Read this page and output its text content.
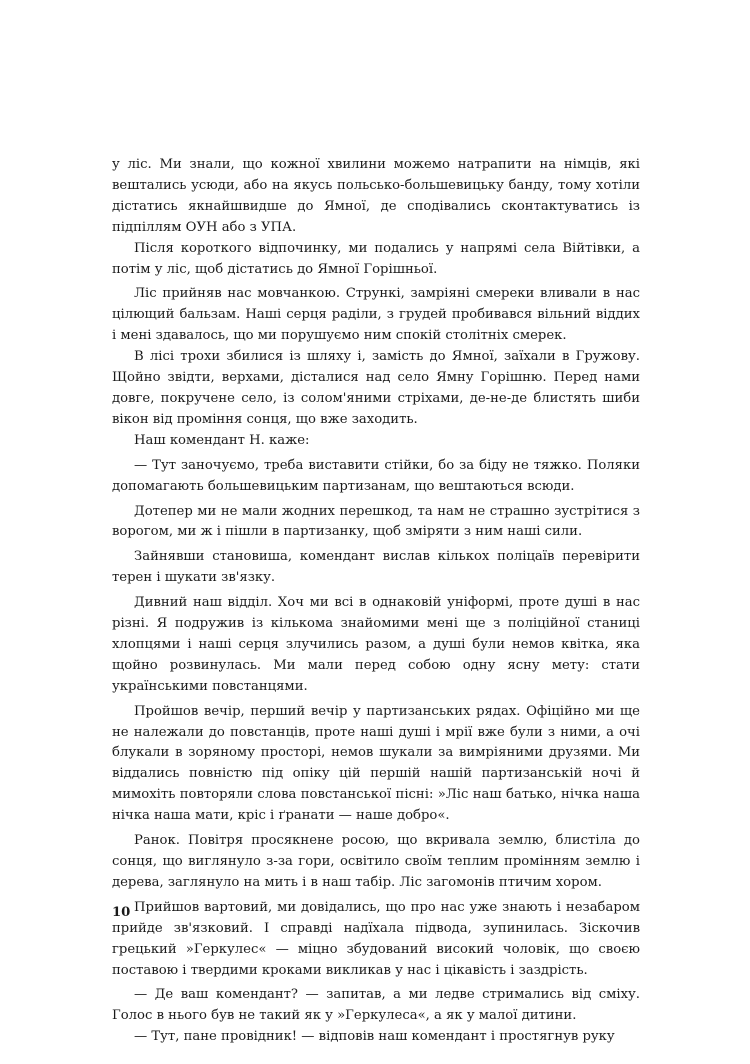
у ліс. Ми знали, що кожної хвилини можемо натрапити на німців, які вешталиcь усюди, або на якусь польсько-большевицьку банду, тому хотіли дістатись якнайшвидше до Ямної, де сподівались сконтактуватись із підпіллям ОУН або з УПА.

Після короткого відпочинку, ми подались у напрямі села Війтівки, а потім у ліс, щоб дістатись до Ямної Горішньої.

Ліс прийняв нас мовчанкою. Стрункі, замріяні смереки вливали в нас цілющий бальзам. Наші серця раділи, з грудей пробивався вільний віддих і мені здавалось, що ми порушуємо ним спокій столітніх смерек.

В лісі трохи збилися із шляху і, замість до Ямної, заїхали в Гружову. Щойно звідти, верхами, дісталися над село Ямну Горішню. Перед нами довге, покручене село, із солом'яними стріхами, де-не-де блистять шиби вікон від проміння сонця, що вже заходить.

Наш комендант Н. каже:

— Тут заночуємо, треба виставити стійки, бо за біду не тяжко. Поляки допомагають большевицьким партизанам, що вештаються всюди.

Дотепер ми не мали жодних перешкод, та нам не страшно зустрітися з ворогом, ми ж і пішли в партизанку, щоб зміряти з ним наші сили.

Зайнявши становиша, комендант вислав кількох поліцаїв перевірити терен і шукати зв'язку.

Дивний наш відділ. Хоч ми всі в однаковій уніформі, проте душі в нас різні. Я подружив із кількома знайомими мені ще з поліційної станиці хлопцями і наші серця злучились разом, а душі були немов квітка, яка щойно розвинулась. Ми мали перед собою одну ясну мету: стати українськими повстанцями.

Пройшов вечір, перший вечір у партизанських рядах. Офіційно ми ще не належали до повстанців, проте наші душі і мрії вже були з ними, а очі блукали в зоряному просторі, немов шукали за вимріяними друзями. Ми віддались повністю під опіку цій першій нашій партизанській ночі й мимохіть повторяли слова повстанської пісні: »Ліс наш батько, нічка наша нічка наша мати, кріс і ґранати — наше добро«.

Ранок. Повітря просякнене росою, що вкривала землю, блистіла до сонця, що виглянуло з-за гори, освітило своїм теплим промінням землю і дерева, заглянуло на мить і в наш табір. Ліс загомонів птичим хором.

Прийшов вартовий, ми довідались, що про нас уже знають і незабаром прийде зв'язковий. І справді надїхала підвода, зупинилась. Зіскочив грецький »Геркулес« — міцно збудований високий чоловік, що своєю поставою і твердими кроками викликав у нас і цікавість і заздрість.

— Де ваш комендант? — запитав, а ми ледве стримались від сміху. Голос в нього був не такий як у »Геркулеса«, а як у малої дитини.

— Тут, пане провідник! — відповів наш комендант і простягнув руку

10
